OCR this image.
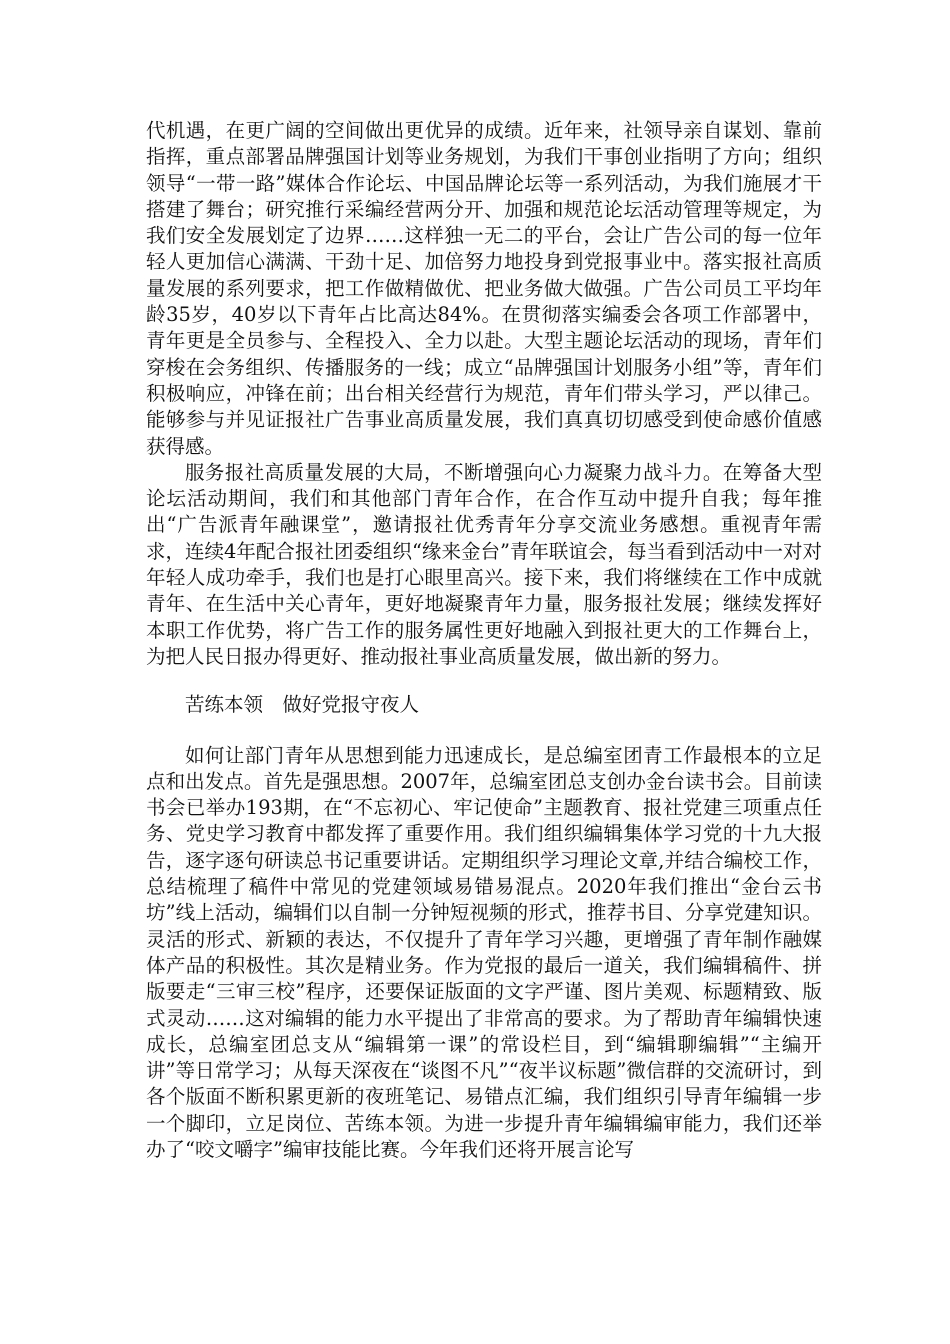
代机遇，在更广阔的空间做出更优异的成绩。近年来，社领导亲自谋划、靠前指挥，重点部署品牌强国计划等业务规划，为我们干事创业指明了方向；组织领导“一带一路”媒体合作论坛、中国品牌论坛等一系列活动，为我们施展才干搭建了舞台；研究推行采编经营两分开、加强和规范论坛活动管理等规定，为我们安全发展划定了边界……这样独一无二的平台，会让广告公司的每一位年轻人更加信心满满、干劲十足、加倍努力地投身到党报事业中。落实报社高质量发展的系列要求，把工作做精做优、把业务做大做强。广告公司员工平均年龄35岁，40岁以下青年占比高达84%。在贯彻落实编委会各项工作部署中，青年更是全员参与、全程投入、全力以赴。大型主题论坛活动的现场，青年们穿梭在会务组织、传播服务的一线；成立“品牌强国计划服务小组”等，青年们积极响应，冲锋在前；出台相关经营行为规范，青年们带头学习，严以律己。能够参与并见证报社广告事业高质量发展，我们真真切切感受到使命感价值感获得感。

服务报社高质量发展的大局，不断增强向心力凝聚力战斗力。在筹备大型论坛活动期间，我们和其他部门青年合作，在合作互动中提升自我；每年推出“广告派青年融课堂”，邀请报社优秀青年分享交流业务感想。重视青年需求，连续4年配合报社团委组织“缘来金台”青年联谊会，每当看到活动中一对对年轻人成功牵手，我们也是打心眼里高兴。接下来，我们将继续在工作中成就青年、在生活中关心青年，更好地凝聚青年力量，服务报社发展；继续发挥好本职工作优势，将广告工作的服务属性更好地融入到报社更大的工作舞台上，为把人民日报办得更好、推动报社事业高质量发展，做出新的努力。

苦练本领　做好党报守夜人

如何让部门青年从思想到能力迅速成长，是总编室团青工作最根本的立足点和出发点。首先是强思想。2007年，总编室团总支创办金台读书会。目前读书会已举办193期，在“不忘初心、牢记使命”主题教育、报社党建三项重点任务、党史学习教育中都发挥了重要作用。我们组织编辑集体学习党的十九大报告，逐字逐句研读总书记重要讲话。定期组织学习理论文章,并结合编校工作，总结梳理了稿件中常见的党建领域易错易混点。2020年我们推出“金台云书坊”线上活动，编辑们以自制一分钟短视频的形式，推荐书目、分享党建知识。灵活的形式、新颖的表达，不仅提升了青年学习兴趣，更增强了青年制作融媒体产品的积极性。其次是精业务。作为党报的最后一道关，我们编辑稿件、拼版要走“三审三校”程序，还要保证版面的文字严谨、图片美观、标题精致、版式灵动……这对编辑的能力水平提出了非常高的要求。为了帮助青年编辑快速成长，总编室团总支从“编辑第一课”的常设栏目，到“编辑聊编辑”“主编开讲”等日常学习；从每天深夜在“谈图不凡”“夜半议标题”微信群的交流研讨，到各个版面不断积累更新的夜班笔记、易错点汇编，我们组织引导青年编辑一步一个脚印，立足岗位、苦练本领。为进一步提升青年编辑编审能力，我们还举办了“咬文嚼字”编审技能比赛。今年我们还将开展言论写
